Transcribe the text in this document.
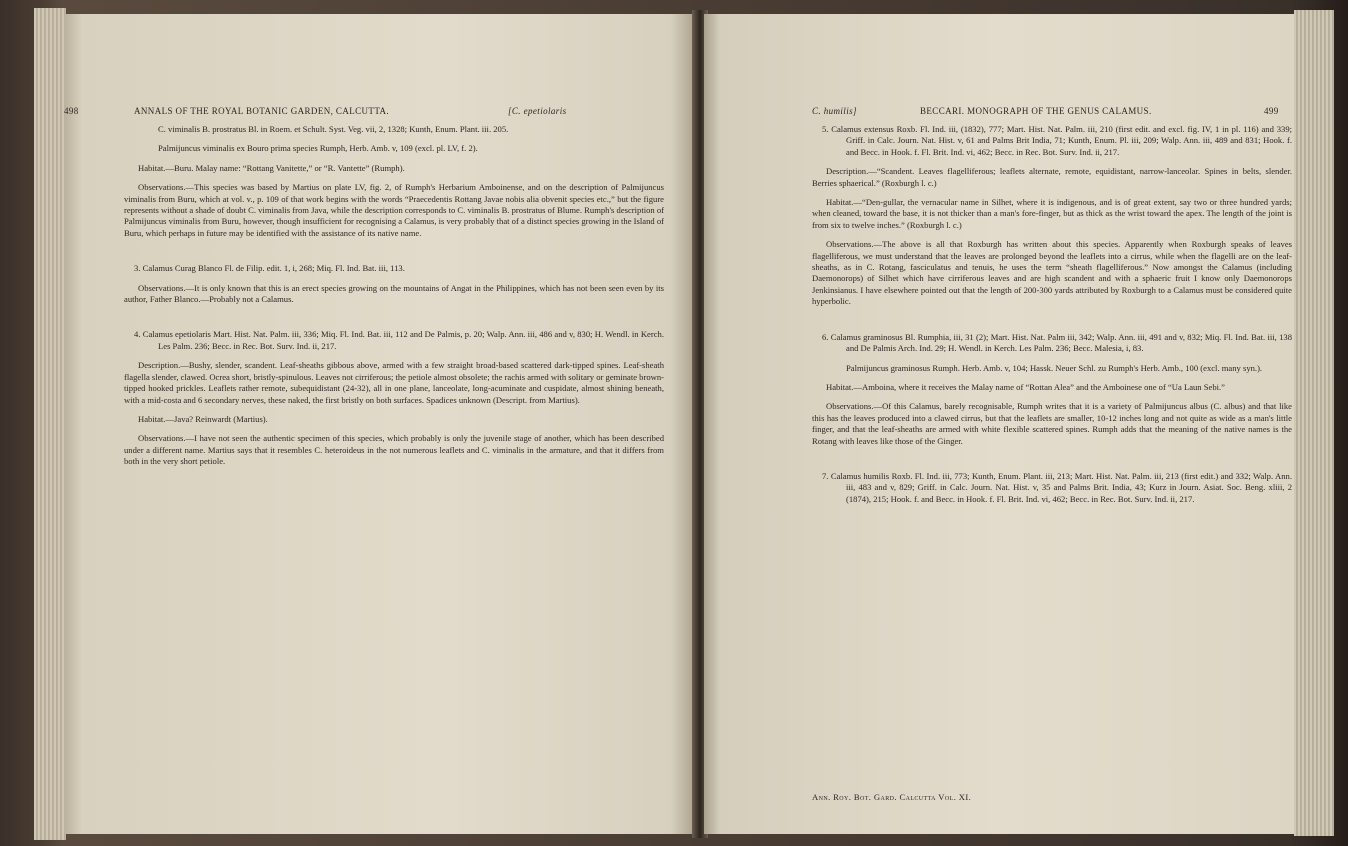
498	ANNALS OF THE ROYAL BOTANIC GARDEN, CALCUTTA.	[C. epetiolaris

C. viminalis B. prostratus Bl. in Roem. et Schult. Syst. Veg. vii, 2, 1328; Kunth, Enum. Plant. iii. 205.

Palmijuncus viminalis ex Bouro prima species Rumph, Herb. Amb. v, 109 (excl. pl. LV, f. 2).

Habitat.—Buru. Malay name: “Rottang Vanitette,” or “R. Vantette” (Rumph).

Observations.—This species was based by Martius on plate LV, fig. 2, of Rumph's Herbarium Amboinense, and on the description of Palmijuncus viminalis from Buru, which at vol. v., p. 109 of that work begins with the words “Praecedentis Rottang Javae nobis alia obvenit species etc.,” but the figure represents without a shade of doubt C. viminalis from Java, while the description corresponds to C. viminalis B. prostratus of Blume. Rumph's description of Palmijuncus viminalis from Buru, however, though insufficient for recognising a Calamus, is very probably that of a distinct species growing in the Island of Buru, which perhaps in future may be identified with the assistance of its native name.

3. Calamus Curag Blanco Fl. de Filip. edit. 1, i, 268; Miq. Fl. Ind. Bat. iii, 113.

Observations.—It is only known that this is an erect species growing on the mountains of Angat in the Philippines, which has not been seen even by its author, Father Blanco.—Probably not a Calamus.

4. Calamus epetiolaris Mart. Hist. Nat. Palm. iii, 336; Miq. Fl. Ind. Bat. iii, 112 and De Palmis, p. 20; Walp. Ann. iii, 486 and v, 830; H. Wendl. in Kerch. Les Palm. 236; Becc. in Rec. Bot. Surv. Ind. ii, 217.

Description.—Bushy, slender, scandent. Leaf-sheaths gibbous above, armed with a few straight broad-based scattered dark-tipped spines. Leaf-sheath flagella slender, clawed. Ocrea short, bristly-spinulous. Leaves not cirriferous; the petiole almost obsolete; the rachis armed with solitary or geminate brown-tipped hooked prickles. Leaflets rather remote, subequidistant (24-32), all in one plane, lanceolate, long-acuminate and cuspidate, almost shining beneath, with a mid-costa and 6 secondary nerves, these naked, the first bristly on both surfaces. Spadices unknown (Descript. from Martius).

Habitat.—Java? Reinwardt (Martius).

Observations.—I have not seen the authentic specimen of this species, which probably is only the juvenile stage of another, which has been described under a different name. Martius says that it resembles C. heteroideus in the not numerous leaflets and C. viminalis in the armature, and that it differs from both in the very short petiole.

C. humilis]	BECCARI. MONOGRAPH OF THE GENUS CALAMUS.	499

5. Calamus extensus Roxb. Fl. Ind. iii, (1832), 777; Mart. Hist. Nat. Palm. iii, 210 (first edit. and excl. fig. IV, 1 in pl. 116) and 339; Griff. in Calc. Journ. Nat. Hist. v, 61 and Palms Brit India, 71; Kunth, Enum. Pl. iii, 209; Walp. Ann. iii, 489 and 831; Hook. f. and Becc. in Hook. f. Fl. Brit. Ind. vi, 462; Becc. in Rec. Bot. Surv. Ind. ii, 217.

Description.—“Scandent. Leaves flagelliferous; leaflets alternate, remote, equidistant, narrow-lanceolar. Spines in belts, slender. Berries sphaerical.” (Roxburgh l. c.)

Habitat.—“Den-gullar, the vernacular name in Silhet, where it is indigenous, and is of great extent, say two or three hundred yards; when cleaned, toward the base, it is not thicker than a man's fore-finger, but as thick as the wrist toward the apex. The length of the joint is from six to twelve inches.” (Roxburgh l. c.)

Observations.—The above is all that Roxburgh has written about this species. Apparently when Roxburgh speaks of leaves flagelliferous, we must understand that the leaves are prolonged beyond the leaflets into a cirrus, while when the flagelli are on the leaf-sheaths, as in C. Rotang, fasciculatus and tenuis, he uses the term “sheath flagelliferous.” Now amongst the Calamus (including Daemonorops) of Silhet which have cirriferous leaves and are high scandent and with a sphaeric fruit I know only Daemonorops Jenkinsianus. I have elsewhere pointed out that the length of 200-300 yards attributed by Roxburgh to a Calamus must be considered quite hyperbolic.

6. Calamus graminosus Bl. Rumphia, iii, 31 (2); Mart. Hist. Nat. Palm iii, 342; Walp. Ann. iii, 491 and v, 832; Miq. Fl. Ind. Bat. iii, 138 and De Palmis Arch. Ind. 29; H. Wendl. in Kerch. Les Palm. 236; Becc. Malesia, i, 83.

Palmijuncus graminosus Rumph. Herb. Amb. v, 104; Hassk. Neuer Schl. zu Rumph's Herb. Amb., 100 (excl. many syn.).

Habitat.—Amboina, where it receives the Malay name of “Rottan Alea” and the Amboinese one of “Ua Laun Sebi.”

Observations.—Of this Calamus, barely recognisable, Rumph writes that it is a variety of Palmijuncus albus (C. albus) and that like this has the leaves produced into a clawed cirrus, but that the leaflets are smaller, 10-12 inches long and not quite as wide as a man's little finger, and that the leaf-sheaths are armed with white flexible scattered spines. Rumph adds that the meaning of the native names is the Rotang with leaves like those of the Ginger.

7. Calamus humilis Roxb. Fl. Ind. iii, 773; Kunth, Enum. Plant. iii, 213; Mart. Hist. Nat. Palm. iii, 213 (first edit.) and 332; Walp. Ann. iii, 483 and v, 829; Griff. in Calc. Journ. Nat. Hist. v, 35 and Palms Brit. India, 43; Kurz in Journ. Asiat. Soc. Beng. xliii, 2 (1874), 215; Hook. f. and Becc. in Hook. f. Fl. Brit. Ind. vi, 462; Becc. in Rec. Bot. Surv. Ind. ii, 217.

Ann. Roy. Bot. Gard. Calcutta Vol. XI.
